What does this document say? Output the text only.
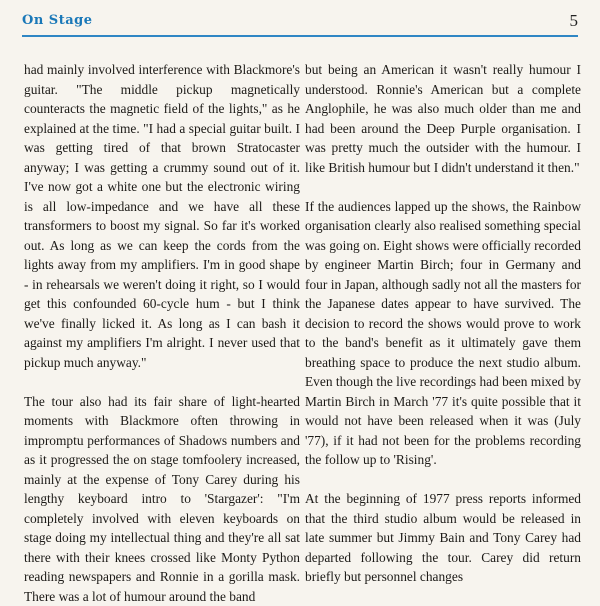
On Stage	5

had mainly involved interference with Blackmore's guitar. "The middle pickup magnetically counteracts the magnetic field of the lights," as he explained at the time. "I had a special guitar built. I was getting tired of that brown Stratocaster anyway; I was getting a crummy sound out of it. I've now got a white one but the electronic wiring is all low-impedance and we have all these transformers to boost my signal. So far it's worked out. As long as we can keep the cords from the lights away from my amplifiers. I'm in good shape - in rehearsals we weren't doing it right, so I would get this confounded 60-cycle hum - but I think we've finally licked it. As long as I can bash it against my amplifiers I'm alright. I never used that pickup much anyway."

The tour also had its fair share of light-hearted moments with Blackmore often throwing in impromptu performances of Shadows numbers and as it progressed the on stage tomfoolery increased, mainly at the expense of Tony Carey during his lengthy keyboard intro to 'Stargazer': "I'm completely involved with eleven keyboards on stage doing my intellectual thing and they're all sat there with their knees crossed like Monty Python reading newspapers and Ronnie in a gorilla mask. There was a lot of humour around the band

but being an American it wasn't really humour I understood. Ronnie's American but a complete Anglophile, he was also much older than me and had been around the Deep Purple organisation. I was pretty much the outsider with the humour. I like British humour but I didn't understand it then."

If the audiences lapped up the shows, the Rainbow organisation clearly also realised something special was going on. Eight shows were officially recorded by engineer Martin Birch; four in Germany and four in Japan, although sadly not all the masters for the Japanese dates appear to have survived. The decision to record the shows would prove to work to the band's benefit as it ultimately gave them breathing space to produce the next studio album. Even though the live recordings had been mixed by Martin Birch in March '77 it's quite possible that it would not have been released when it was (July '77), if it had not been for the problems recording the follow up to 'Rising'.

At the beginning of 1977 press reports informed that the third studio album would be released in late summer but Jimmy Bain and Tony Carey had departed following the tour. Carey did return briefly but personnel changes
